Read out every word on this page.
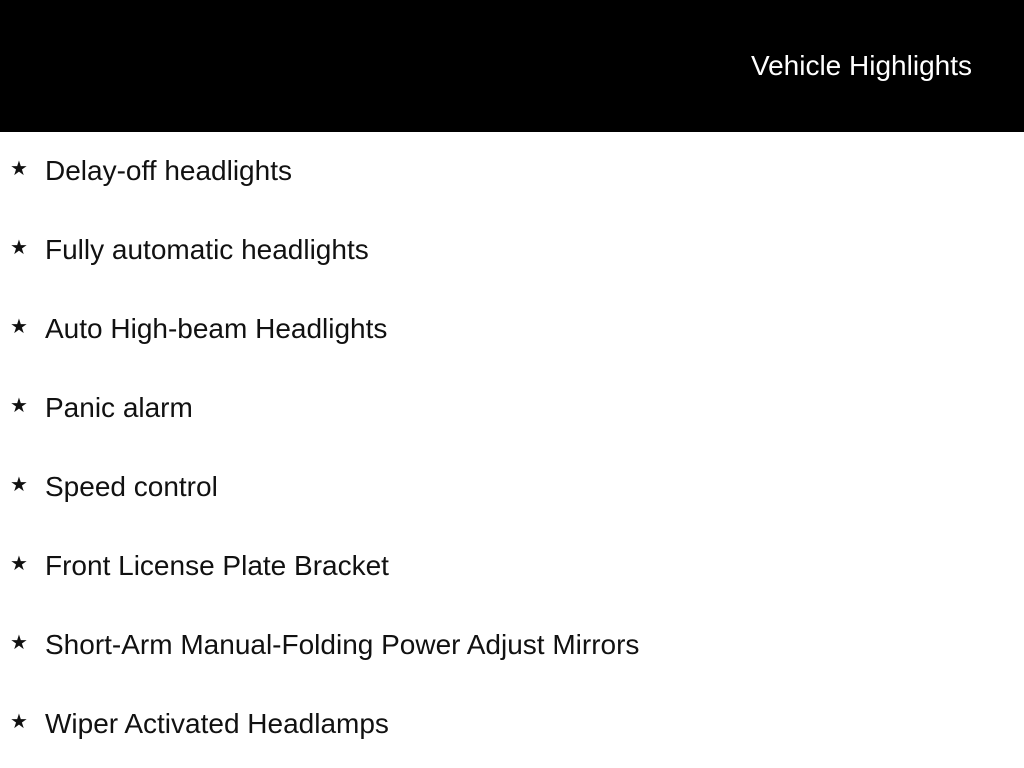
Vehicle Highlights
★ Delay-off headlights
★ Fully automatic headlights
★ Auto High-beam Headlights
★ Panic alarm
★ Speed control
★ Front License Plate Bracket
★ Short-Arm Manual-Folding Power Adjust Mirrors
★ Wiper Activated Headlamps
